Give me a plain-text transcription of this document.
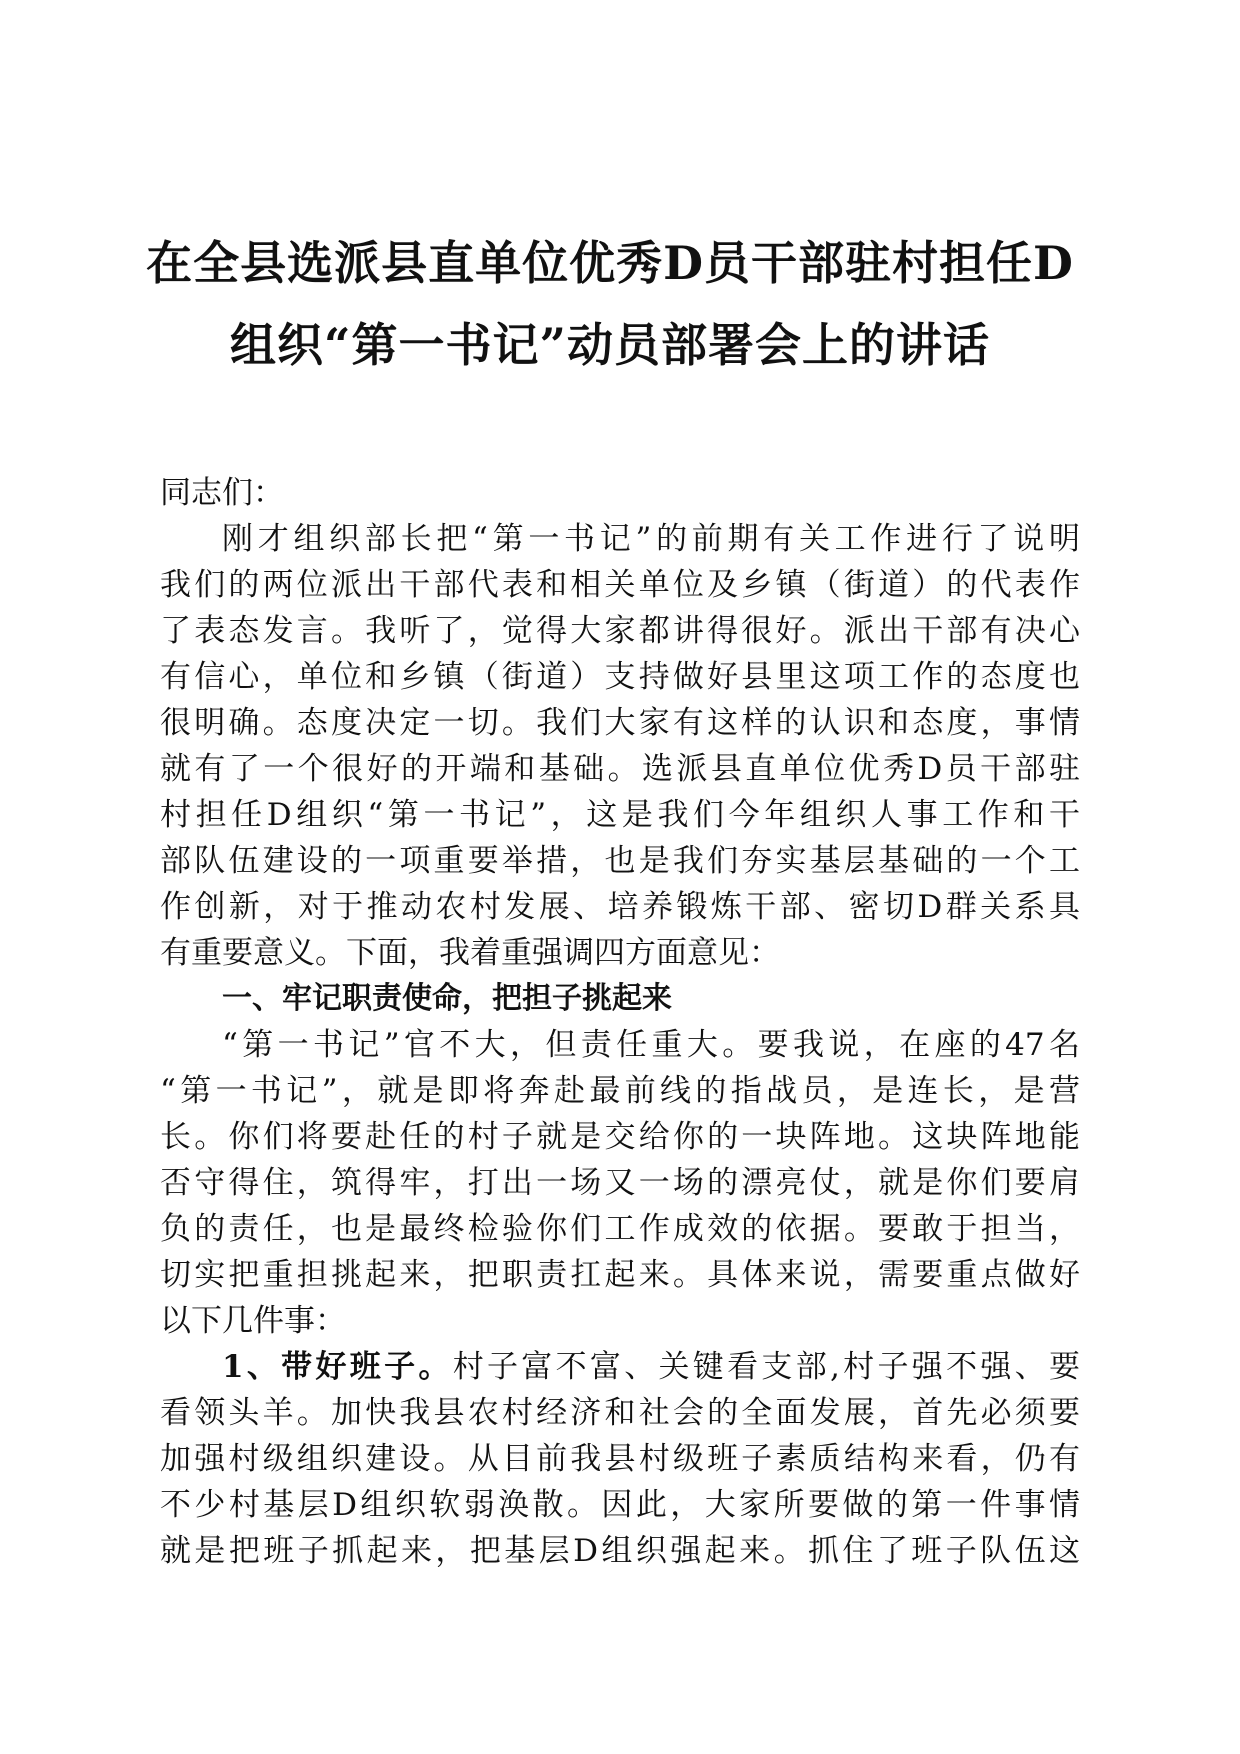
在全县选派县直单位优秀D员干部驻村担任D
组织“第一书记”动员部署会上的讲话
同志们：
刚才组织部长把“第一书记”的前期有关工作进行了说明
我们的两位派出干部代表和相关单位及乡镇（街道）的代表作
了表态发言。我听了，觉得大家都讲得很好。派出干部有决心
有信心，单位和乡镇（街道）支持做好县里这项工作的态度也
很明确。态度决定一切。我们大家有这样的认识和态度，事情
就有了一个很好的开端和基础。选派县直单位优秀D员干部驻
村担任D组织“第一书记”，这是我们今年组织人事工作和干
部队伍建设的一项重要举措，也是我们夯实基层基础的一个工
作创新，对于推动农村发展、培养锻炼干部、密切D群关系具
有重要意义。下面，我着重强调四方面意见：
一、牢记职责使命，把担子挑起来
“第一书记”官不大，但责任重大。要我说，在座的47名
“第一书记”，就是即将奔赴最前线的指战员，是连长，是营
长。你们将要赴任的村子就是交给你的一块阵地。这块阵地能
否守得住，筑得牢，打出一场又一场的漂亮仗，就是你们要肩
负的责任，也是最终检验你们工作成效的依据。要敢于担当，
切实把重担挑起来，把职责扛起来。具体来说，需要重点做好
以下几件事：
1、带好班子。村子富不富、关键看支部,村子强不强、要
看领头羊。加快我县农村经济和社会的全面发展，首先必须要
加强村级组织建设。从目前我县村级班子素质结构来看，仍有
不少村基层D组织软弱涣散。因此，大家所要做的第一件事情
就是把班子抓起来，把基层D组织强起来。抓住了班子队伍这
